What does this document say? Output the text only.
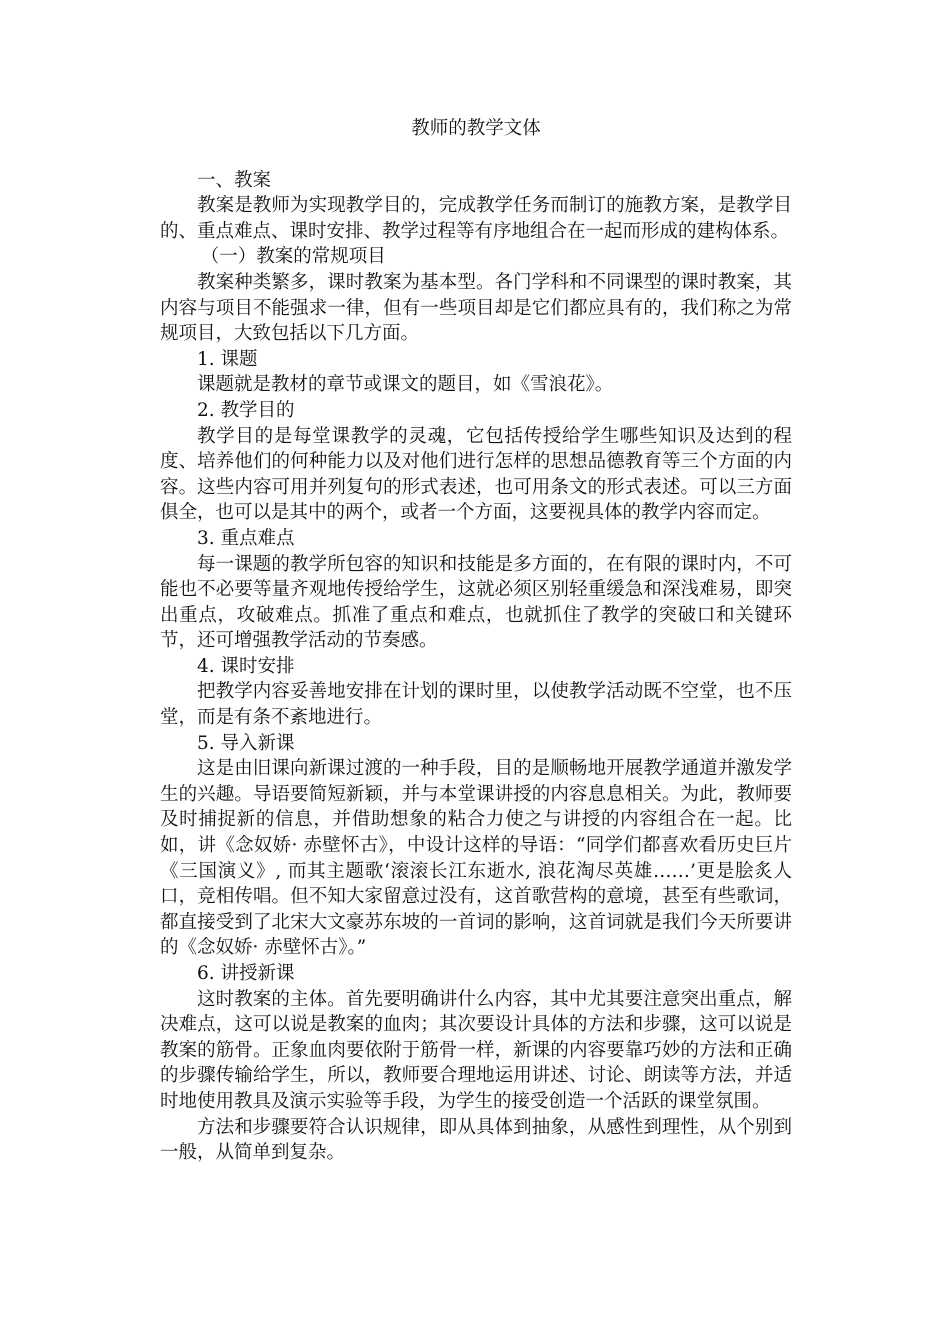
教师的教学文体
一、教案
教案是教师为实现教学目的，完成教学任务而制订的施教方案，是教学目的、重点难点、课时安排、教学过程等有序地组合在一起而形成的建构体系。
（一）教案的常规项目
教案种类繁多，课时教案为基本型。各门学科和不同课型的课时教案，其内容与项目不能强求一律，但有一些项目却是它们都应具有的，我们称之为常规项目，大致包括以下几方面。
1. 课题
课题就是教材的章节或课文的题目，如《雪浪花》。
2. 教学目的
教学目的是每堂课教学的灵魂，它包括传授给学生哪些知识及达到的程度、培养他们的何种能力以及对他们进行怎样的思想品德教育等三个方面的内容。这些内容可用并列复句的形式表述，也可用条文的形式表述。可以三方面俱全，也可以是其中的两个，或者一个方面，这要视具体的教学内容而定。
3. 重点难点
每一课题的教学所包容的知识和技能是多方面的，在有限的课时内，不可能也不必要等量齐观地传授给学生，这就必须区别轻重缓急和深浅难易，即突出重点，攻破难点。抓准了重点和难点，也就抓住了教学的突破口和关键环节，还可增强教学活动的节奏感。
4. 课时安排
把教学内容妥善地安排在计划的课时里，以使教学活动既不空堂，也不压堂，而是有条不紊地进行。
5. 导入新课
这是由旧课向新课过渡的一种手段，目的是顺畅地开展教学通道并激发学生的兴趣。导语要简短新颖，并与本堂课讲授的内容息息相关。为此，教师要及时捕捉新的信息，并借助想象的粘合力使之与讲授的内容组合在一起。比如，讲《念奴娇· 赤壁怀古》，中设计这样的导语：“同学们都喜欢看历史巨片《三国演义》, 而其主题歌‘滚滚长江东逝水, 浪花淘尽英雄……’更是脍炙人口，竞相传唱。但不知大家留意过没有，这首歌营构的意境，甚至有些歌词，都直接受到了北宋大文豪苏东坡的一首词的影响，这首词就是我们今天所要讲的《念奴娇· 赤壁怀古》。”
6. 讲授新课
这时教案的主体。首先要明确讲什么内容，其中尤其要注意突出重点，解决难点，这可以说是教案的血肉；其次要设计具体的方法和步骤，这可以说是教案的筋骨。正象血肉要依附于筋骨一样，新课的内容要靠巧妙的方法和正确的步骤传输给学生，所以，教师要合理地运用讲述、讨论、朗读等方法，并适时地使用教具及演示实验等手段，为学生的接受创造一个活跃的课堂氛围。
方法和步骤要符合认识规律，即从具体到抽象，从感性到理性，从个别到一般，从简单到复杂。
